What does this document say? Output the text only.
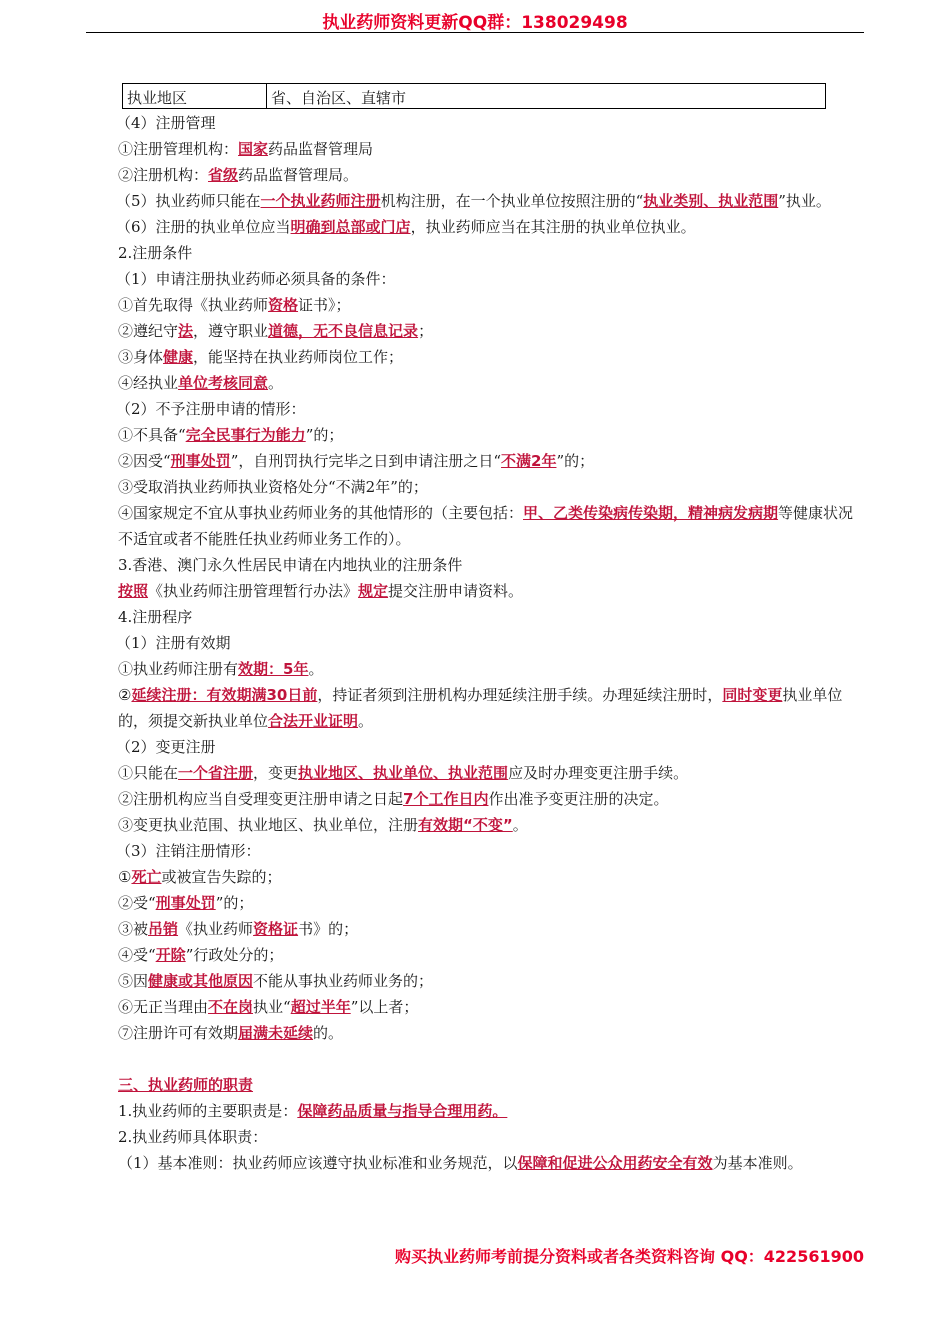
执业药师资料更新QQ群：138029498
执业地区	省、自治区、直辖市

（4）注册管理

①注册管理机构：国家药品监督管理局

②注册机构：省级药品监督管理局。

（5）执业药师只能在一个执业药师注册机构注册，在一个执业单位按照注册的“执业类别、执业范围”执业。

（6）注册的执业单位应当明确到总部或门店，执业药师应当在其注册的执业单位执业。

2.注册条件

（1）申请注册执业药师必须具备的条件：

①首先取得《执业药师资格证书》；

②遵纪守法，遵守职业道德，无不良信息记录；

③身体健康，能坚持在执业药师岗位工作；

④经执业单位考核同意。

（2）不予注册申请的情形：

①不具备“完全民事行为能力”的；

②因受“刑事处罚”，自刑罚执行完毕之日到申请注册之日“不满2年”的；

③受取消执业药师执业资格处分“不满2年”的；

④国家规定不宜从事执业药师业务的其他情形的（主要包括：甲、乙类传染病传染期，精神病发病期等健康状况不适宜或者不能胜任执业药师业务工作的）。

3.香港、澳门永久性居民申请在内地执业的注册条件

按照《执业药师注册管理暂行办法》规定提交注册申请资料。

4.注册程序

（1）注册有效期

①执业药师注册有效期：5年。

②延续注册：有效期满30日前，持证者须到注册机构办理延续注册手续。办理延续注册时，同时变更执业单位的，须提交新执业单位合法开业证明。

（2）变更注册

①只能在一个省注册，变更执业地区、执业单位、执业范围应及时办理变更注册手续。

②注册机构应当自受理变更注册申请之日起7个工作日内作出准予变更注册的决定。

③变更执业范围、执业地区、执业单位，注册有效期“不变”。

（3）注销注册情形：

①死亡或被宣告失踪的；

②受“刑事处罚”的；

③被吊销《执业药师资格证书》的；

④受“开除”行政处分的；

⑤因健康或其他原因不能从事执业药师业务的；

⑥无正当理由不在岗执业“超过半年”以上者；

⑦注册许可有效期届满未延续的。

三、执业药师的职责

1.执业药师的主要职责是：保障药品质量与指导合理用药。

2.执业药师具体职责：

（1）基本准则：执业药师应该遵守执业标准和业务规范，以保障和促进公众用药安全有效为基本准则。

购买执业药师考前提分资料或者各类资料咨询 QQ：422561900
